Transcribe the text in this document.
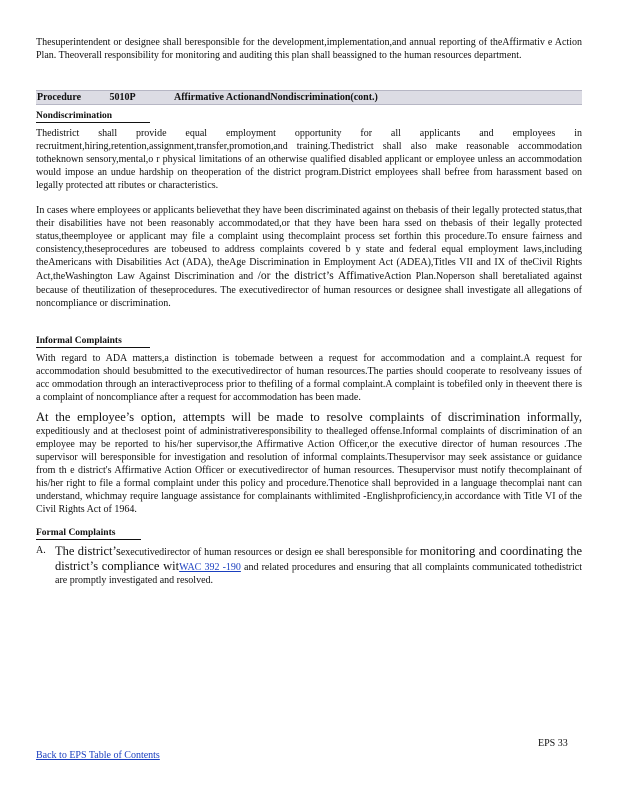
Thesuperintendent or designee shall beresponsible for the development,implementation,and annual reporting of theAffirmativ e Action Plan. Theoverall responsibility for monitoring and auditing this plan shall beassigned to the human resources department.

Procedure	5010P	Affirmative ActionandNondiscrimination(cont.)
Nondiscrimination

Thedistrict shall provide equal employment opportunity for all applicants and employees in recruitment,hiring,retention,assignment,transfer,promotion,and training.Thedistrict shall also make reasonable accommodation totheknown sensory,mental,o r physical limitations of an otherwise qualified disabled applicant or employee unless an accommodation would impose an undue hardship on theoperation of the district program.District employees shall befree from harassment based on legally protected att ributes or characteristics.

In cases where employees or applicants believethat they have been discriminated against on thebasis of their legally protected status,that their disabilities have not been reasonably accommodated,or that they have been hara ssed on thebasis of their legally protected status,theemployee or applicant may file a complaint using thecomplaint process set forthin this procedure.To ensure fairness and consistency,theseprocedures are tobeused to address complaints covered b y state and federal equal employment laws,including theAmericans with Disabilities Act (ADA), theAge Discrimination in Employment Act (ADEA),Titles VII and IX of theCivil Rights Act,theWashington Law Against Discrimination and /or the district’s AffimativeAction Plan.Noperson shall beretaliated against because of theutilization of theseprocedures. The executivedirector of human resources or designee shall investigate all allegations of noncompliance or discrimination.

Informal Complaints

With regard to ADA matters,a distinction is tobemade between a request for accommodation and a complaint.A request for accommodation should besubmitted to the executivedirector of human resources.The parties should cooperate to resolveany issues of acc ommodation through an interactiveprocess prior to thefiling of a formal complaint.A complaint is tobefiled only in theevent there is a complaint of noncompliance after a request for accommodation has been made.

At the employee’s option, attempts will be made to resolve complaints of discrimination informally, expeditiously and at theclosest point of administrativeresponsibility to thealleged offense.Informal complaints of discrimination of an employee may be reported to his/her supervisor,the Affirmative Action Officer,or the executive director of human resources .The supervisor will beresponsible for investigation and resolution of informal complaints.Thesupervisor may seek assistance or guidance from th e district's Affirmative Action Officer or executivedirector of human resources. Thesupervisor must notify thecomplainant of his/her right to file a formal complaint under this policy and procedure.Thenotice shall beprovided in a language thecomplai nant can understand, whichmay require language assistance for complainants withlimited -Englishproficiency,in accordance with Title VI of the Civil Rights Act of 1964.

Formal Complaints
A. The district’sexecutivedirector of human resources or design ee shall beresponsible for monitoring and coordinating the district’s compliance witWAC 392 -190 and related procedures and ensuring that all complaints communicated tothedistrict are promptly investigated and resolved.
EPS 33
Back to EPS Table of Contents
